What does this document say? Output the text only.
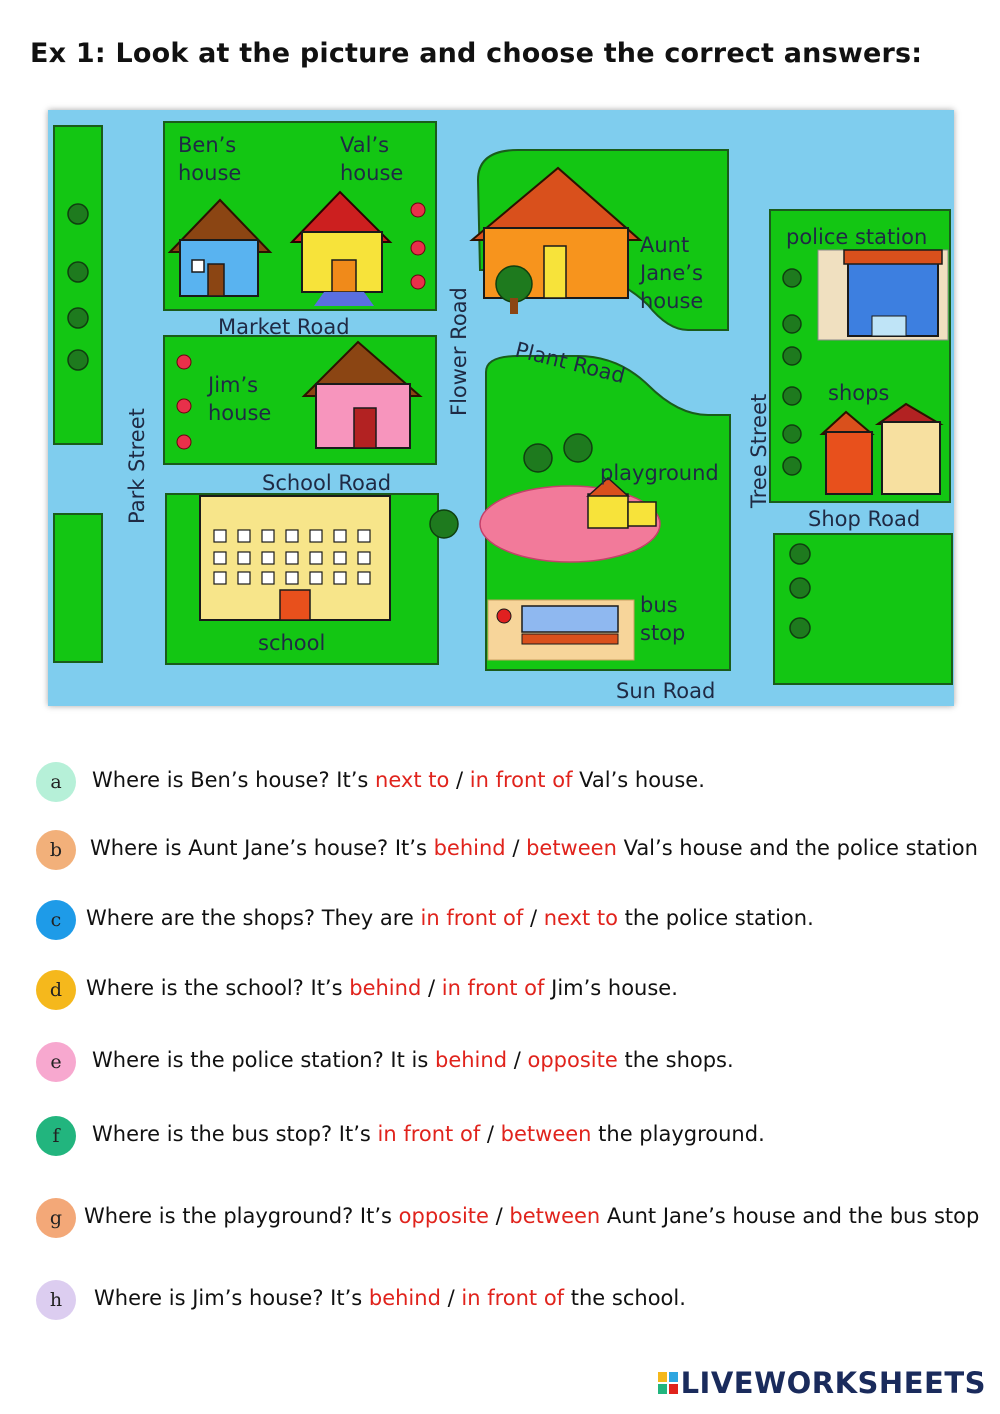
Ex 1: Look at the picture and choose the correct answers:
Ben’s
house
Val’s
house
Aunt
Jane’s
house
police station
Market Road	Flower Road Plant Road
Jim’s
house
shops
Park Street	Tree Street
School Road	playground
Shop Road
school
bus
stop
Sun Road
a	Where is Ben’s house? It’s next to / in front of Val’s house.
b	Where is Aunt Jane’s house? It’s behind / between Val’s house and the police station
c	Where are the shops? They are in front of / next to the police station.
d	Where is the school? It’s behind / in front of Jim’s house.
e	Where is the police station? It is behind / opposite the shops.
f	Where is the bus stop? It’s in front of / between the playground.
g	Where is the playground? It’s opposite / between Aunt Jane’s house and the bus stop
h	Where is Jim’s house? It’s behind / in front of the school.
LIVEWORKSHEETS
